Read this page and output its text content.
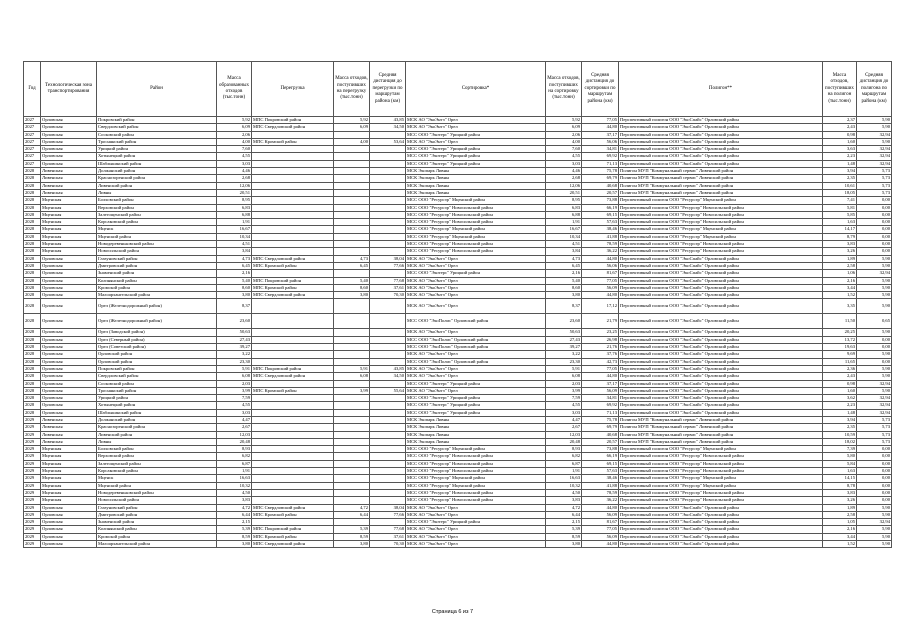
Год	Технологическая зона транспортирования	Район	Масса образованных отходов (тыс.тонн)	Перегрузка	Масса отходов, поступивших на перегрузку (тыс.тонн)	Средняя дистанция до перегрузки по маршрутам района (км)	Сортировка*	Масса отходов, поступивших на сортировку (тыс.тонн)	Средняя дистанция до сортировки по маршрутам района (км)	Полигон**	Масса отходов, поступивших на полигон (тыс.тонн)	Средняя дистанция до полигона по маршрутам района (км)
2027	Орловская	Покровский район	5,92	МПС Покровский район	5,92	43,85	МСК АО "ЭкоЭнтэ" Орел	5,92	77,05	Перспективный полигон ООО "ЭкоСпайс" Орловский район	2,37	5,90
2027	Орловская	Свердловский район	6,09	МПС Свердловский район	6,09	34,50	МСК АО "ЭкоЭнтэ" Орел	6,09	44,80	Перспективный полигон ООО "ЭкоСпайс" Орловский район	2,43	5,90
2027	Орловская	Сосковский район	2,06				МСС ООО "Экотерс" Урицкий район	2,06	37,17	Перспективный полигон ООО "ЭкоСпайс" Орловский район	0,98	32,94
2027	Орловская	Троснянский район	4,00	МПС Кромской район	4,00	53,64	МСК АО "ЭкоЭнтэ" Орел	4,00	56,06	Перспективный полигон ООО "ЭкоСпайс" Орловский район	1,60	5,90
2027	Орловская	Урицкий район	7,60				МСС ООО "Экотерс" Урицкий район	7,60	34,81	Перспективный полигон ООО "ЭкоСпайс" Орловский район	3,63	32,94
2027	Орловская	Хотынецкий район	4,55				МСС ООО "Экотерс" Урицкий район	4,55	69,92	Перспективный полигон ООО "ЭкоСпайс" Орловский район	2,23	32,94
2027	Орловская	Шаблыкинский район	3,03				МСС ООО "Экотерс" Урицкий район	3,03	71,13	Перспективный полигон ООО "ЭкоСпайс" Орловский район	1,48	32,94
2028	Ливенская	Должанский район	4,46				МСК Экопарк Ливны	4,46	75,78	Полигон МУП "Коммунальный сервис" Ливенский район	3,94	5,73
2028	Ливенская	Краснозоренский район	2,68				МСК Экопарк Ливны	2,68	69,79	Полигон МУП "Коммунальный сервис" Ливенский район	2,35	5,73
2028	Ливенская	Ливенский район	12,06				МСК Экопарк Ливны	12,06	40,68	Полигон МУП "Коммунальный сервис" Ливенский район	10,61	5,73
2028	Ливенская	Ливны	20,51				МСК Экопарк Ливны	20,51	20,57	Полигон МУП "Коммунальный сервис" Ливенский район	18,05	5,73
2028	Мценская	Болховский район	8,95				МСС ООО "Ресурсэр" Мценский район	8,95	73,88	Перспективный полигон ООО "Ресурсэр" Мценский район	7,41	0,00
2028	Мценская	Верховский район	6,83				МСС ООО "Ресурсэр" Новосильский район	6,83	66,19	Перспективный полигон ООО "Ресурсэр" Новосильский район	5,81	0,00
2028	Мценская	Залегощенский район	6,88				МСС ООО "Ресурсэр" Новосильский район	6,88	69,15	Перспективный полигон ООО "Ресурсэр" Новосильский район	5,85	0,00
2028	Мценская	Корсаковский район	1,91				МСС ООО "Ресурсэр" Новосильский район	1,91	57,63	Перспективный полигон ООО "Ресурсэр" Новосильский район	1,63	0,00
2028	Мценская	Мценск	16,67				МСС ООО "Ресурсэр" Мценский район	16,67	38,46	Перспективный полигон ООО "Ресурсэр" Мценский район	14,17	0,00
2028	Мценская	Мценский район	10,34				МСС ООО "Ресурсэр" Мценский район	10,34	41,88	Перспективный полигон ООО "Ресурсэр" Мценский район	8,79	0,00
2028	Мценская	Новодеревеньковский район	4,51				МСС ООО "Ресурсэр" Новосильский район	4,51	78,59	Перспективный полигон ООО "Ресурсэр" Новосильский район	3,83	0,00
2028	Мценская	Новосильский район	3,84				МСС ООО "Ресурсэр" Новосильский район	3,84	36,22	Перспективный полигон ООО "Ресурсэр" Новосильский район	3,26	0,00
2028	Орловская	Глазуновский район	4,73	МПС Свердловский район	4,73	38,04	МСК АО "ЭкоЭнтэ" Орел	4,73	44,80	Перспективный полигон ООО "ЭкоСпайс" Орловский район	1,89	5,90
2028	Орловская	Дмитровский район	6,45	МПС Кромской район	6,45	77,66	МСК АО "ЭкоЭнтэ" Орел	6,45	56,06	Перспективный полигон ООО "ЭкоСпайс" Орловский район	2,58	5,90
2028	Орловская	Знаменский район	2,16				МСС ООО "Экотерс" Урицкий район	2,16	81,67	Перспективный полигон ООО "ЭкоСпайс" Орловский район	1,06	32,94
2028	Орловская	Колпнянский район	5,40	МПС Покровский район	5,40	77,68	МСК АО "ЭкоЭнтэ" Орел	5,40	77,05	Перспективный полигон ООО "ЭкоСпайс" Орловский район	2,16	5,90
2028	Орловская	Кромской район	8,60	МПС Кромской район	8,60	37,61	МСК АО "ЭкоЭнтэ" Орел	8,60	56,09	Перспективный полигон ООО "ЭкоСпайс" Орловский район	3,44	5,90
2028	Орловская	Малоархангельский район	3,80	МПС Свердловский район	3,80	70,30	МСК АО "ЭкоЭнтэ" Орел	3,80	44,80	Перспективный полигон ООО "ЭкоСпайс" Орловский район	1,52	5,90
2028	Орловская	Орел (Железнодорожный район)	8,37				МСК АО "ЭкоЭнтэ" Орел	8,37	17,12	Перспективный полигон ООО "ЭкоСпайс" Орловский район	3,35	5,90
2028	Орловская	Орел (Железнодорожный район)	23,60				МСС ООО "ЭкоПолис" Орловский район	23,60	21,79	Перспективный полигон ООО "ЭкоСпайс" Орловский район	11,50	0,65
2028	Орловская	Орел (Заводской район)	50,63				МСК АО "ЭкоЭнтэ" Орел	50,63	23,25	Перспективный полигон ООО "ЭкоСпайс" Орловский район	20,25	5,90
2028	Орловская	Орел (Северный район)	27,43				МСС ООО "ЭкоПолис" Орловский район	27,43	26,98	Перспективный полигон ООО "ЭкоСпайс" Орловский район	13,72	0,00
2028	Орловская	Орел (Советский район)	39,27				МСС ООО "ЭкоПолис" Орловский район	39,27	21,76	Перспективный полигон ООО "ЭкоСпайс" Орловский район	19,63	0,00
2028	Орловская	Орловский район	3,22				МСК АО "ЭкоЭнтэ" Орел	3,22	37,76	Перспективный полигон ООО "ЭкоСпайс" Орловский район	9,69	5,90
2028	Орловская	Орловский район	23,30				МСС ООО "ЭкоПолис" Орловский район	23,30	42,73	Перспективный полигон ООО "ЭкоСпайс" Орловский район	11,65	0,00
2028	Орловская	Покровский район	5,91	МПС Покровский район	5,91	43,85	МСК АО "ЭкоЭнтэ" Орел	5,91	77,05	Перспективный полигон ООО "ЭкоСпайс" Орловский район	2,36	5,90
2028	Орловская	Свердловский район	6,08	МПС Свердловский район	6,08	34,50	МСК АО "ЭкоЭнтэ" Орел	6,08	44,80	Перспективный полигон ООО "ЭкоСпайс" Орловский район	2,43	5,90
2028	Орловская	Сосковский район	2,03				МСС ООО "Экотерс" Урицкий район	2,03	37,17	Перспективный полигон ООО "ЭкоСпайс" Орловский район	0,98	32,94
2028	Орловская	Троснянский район	3,99	МПС Кромской район	3,99	55,64	МСК АО "ЭкоЭнтэ" Орел	3,99	56,09	Перспективный полигон ООО "ЭкоСпайс" Орловский район	1,60	5,90
2028	Орловская	Урицкий район	7,59				МСС ООО "Экотерс" Урицкий район	7,59	34,81	Перспективный полигон ООО "ЭкоСпайс" Орловский район	3,62	32,94
2028	Орловская	Хотынецкий район	4,55				МСС ООО "Экотерс" Урицкий район	4,55	69,92	Перспективный полигон ООО "ЭкоСпайс" Орловский район	2,23	32,94
2028	Орловская	Шаблыкинский район	3,03				МСС ООО "Экотерс" Урицкий район	3,03	71,13	Перспективный полигон ООО "ЭкоСпайс" Орловский район	1,48	32,94
2029	Ливенская	Должанский район	4,47				МСК Экопарк Ливны	4,47	75,78	Полигон МУП "Коммунальный сервис" Ливенский район	3,94	5,73
2029	Ливенская	Краснозоренский район	2,67				МСК Экопарк Ливны	2,67	69,79	Полигон МУП "Коммунальный сервис" Ливенский район	2,35	5,73
2029	Ливенская	Ливенский район	12,03				МСК Экопарк Ливны	12,03	40,68	Полигон МУП "Коммунальный сервис" Ливенский район	10,59	5,73
2029	Ливенская	Ливны	20,48				МСК Экопарк Ливны	20,48	20,57	Полигон МУП "Коммунальный сервис" Ливенский район	18,02	5,73
2029	Мценская	Болховский район	8,93				МСС ООО "Ресурсэр" Мценский район	8,93	73,88	Перспективный полигон ООО "Ресурсэр" Мценский район	7,39	0,00
2029	Мценская	Верховский район	6,82				МСС ООО "Ресурсэр" Новосильский район	6,82	66,19	Перспективный полигон ООО "Ресурсэр" Новосильский район	5,80	0,00
2029	Мценская	Залегощенский район	6,87				МСС ООО "Ресурсэр" Новосильский район	6,87	69,15	Перспективный полигон ООО "Ресурсэр" Новосильский район	5,84	0,00
2029	Мценская	Корсаковский район	1,91				МСС ООО "Ресурсэр" Новосильский район	1,91	57,63	Перспективный полигон ООО "Ресурсэр" Новосильский район	1,63	0,00
2029	Мценская	Мценск	16,63				МСС ООО "Ресурсэр" Мценский район	16,63	38,46	Перспективный полигон ООО "Ресурсэр" Мценский район	14,15	0,00
2029	Мценская	Мценский район	10,32				МСС ООО "Ресурсэр" Мценский район	10,32	41,88	Перспективный полигон ООО "Ресурсэр" Мценский район	8,78	0,00
2029	Мценская	Новодеревеньковский район	4,50				МСС ООО "Ресурсэр" Новосильский район	4,50	78,59	Перспективный полигон ООО "Ресурсэр" Новосильский район	3,83	0,00
2029	Мценская	Новосильский район	3,83				МСС ООО "Ресурсэр" Новосильский район	3,83	36,22	Перспективный полигон ООО "Ресурсэр" Новосильский район	3,26	0,00
2029	Орловская	Глазуновский район	4,72	МПС Свердловский район	4,72	38,04	МСК АО "ЭкоЭнтэ" Орел	4,72	44,80	Перспективный полигон ООО "ЭкоСпайс" Орловский район	1,89	5,90
2029	Орловская	Дмитровский район	6,44	МПС Кромской район	6,44	77,66	МСК АО "ЭкоЭнтэ" Орел	6,44	56,09	Перспективный полигон ООО "ЭкоСпайс" Орловский район	2,58	5,90
2029	Орловская	Знаменский район	2,15				МСС ООО "Экотерс" Урицкий район	2,15	81,67	Перспективный полигон ООО "ЭкоСпайс" Орловский район	1,05	32,94
2029	Орловская	Колпнянский район	5,39	МПС Покровский район	5,39	77,68	МСК АО "ЭкоЭнтэ" Орел	5,39	77,05	Перспективный полигон ООО "ЭкоСпайс" Орловский район	2,16	5,90
2029	Орловская	Кромской район	8,59	МПС Кромской район	8,59	37,61	МСК АО "ЭкоЭнтэ" Орел	8,59	56,09	Перспективный полигон ООО "ЭкоСпайс" Орловский район	3,44	5,90
2029	Орловская	Малоархангельский район	3,80	МПС Свердловский район	3,80	70,30	МСК АО "ЭкоЭнтэ" Орел	3,80	44,80	Перспективный полигон ООО "ЭкоСпайс" Орловский район	1,52	5,90
Страница 6 из 7
